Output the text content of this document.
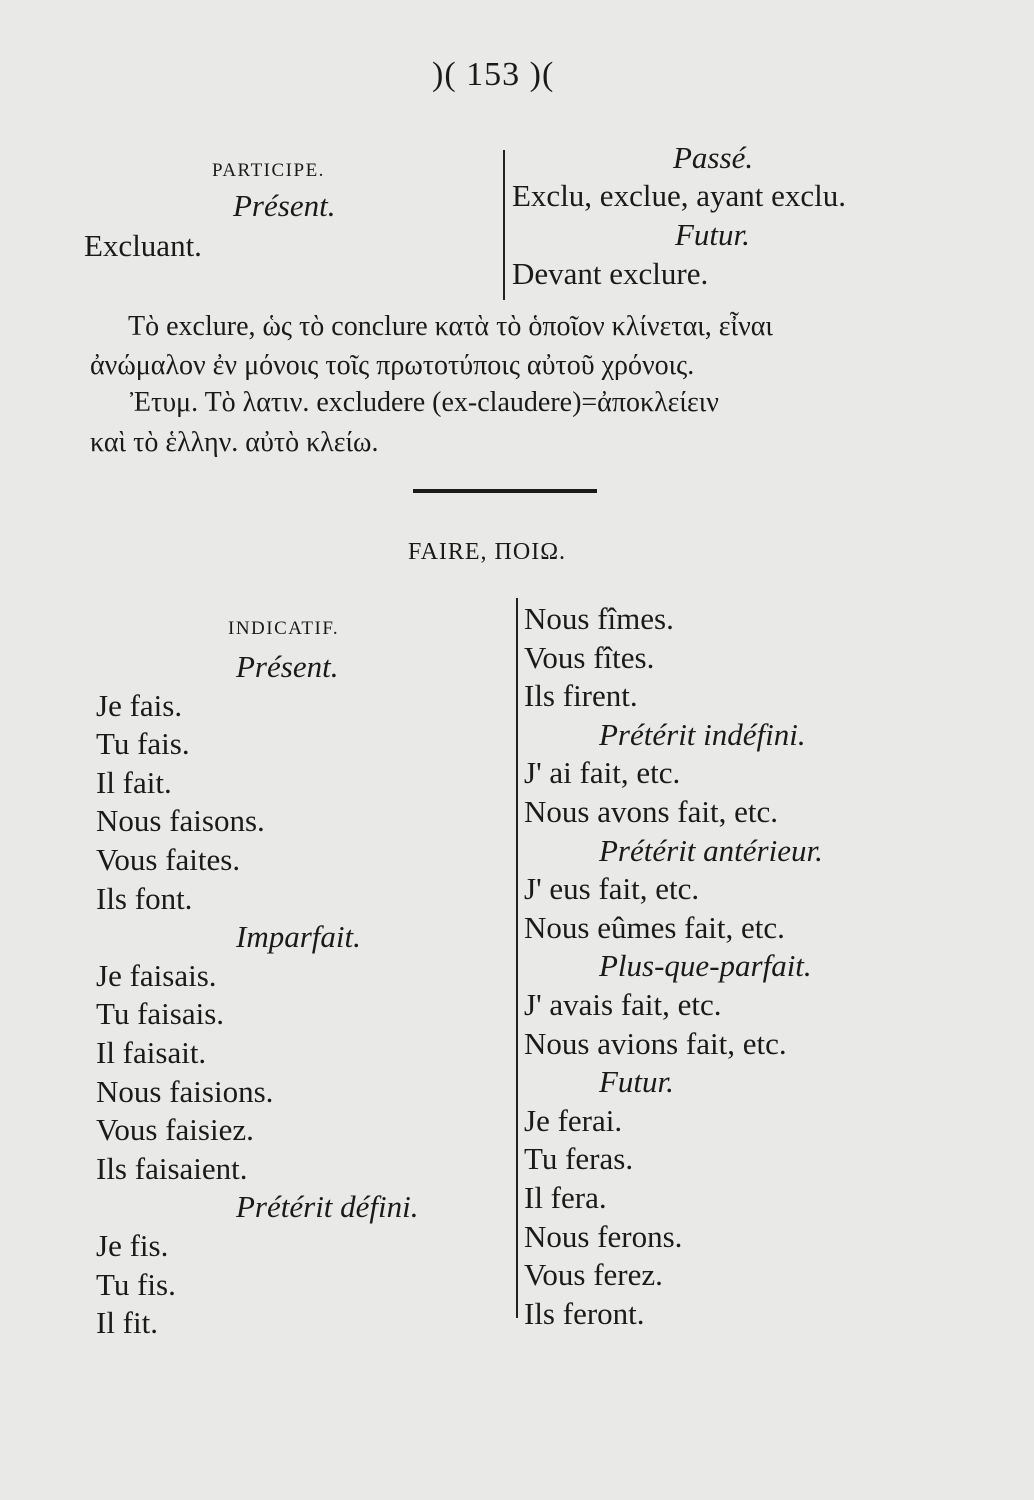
)( 153 )(
PARTICIPE.
Présent.
Excluant.
Passé.
Exclu, exclue, ayant exclu.
Futur.
Devant exclure.
Τὸ exclure, ὡς τὸ conclure κατὰ τὸ ὁποῖον κλίνεται, εἶναι
ἀνώμαλον ἐν μόνοις τοῖς πρωτοτύποις αὐτοῦ χρόνοις.
Ἐτυμ. Τὸ λατιν. excludere (ex-claudere)=ἀποκλείειν
καὶ τὸ ἑλλην. αὐτὸ κλείω.
FAIRE, ΠΟΙΩ.
INDICATIF.
Présent.
Je fais.
Tu fais.
Il fait.
Nous faisons.
Vous faites.
Ils font.
Imparfait.
Je faisais.
Tu faisais.
Il faisait.
Nous faisions.
Vous faisiez.
Ils faisaient.
Prétérit défini.
Je fis.
Tu fis.
Il fit.
Nous fîmes.
Vous fîtes.
Ils firent.
Prétérit indéfini.
J' ai fait, etc.
Nous avons fait, etc.
Prétérit antérieur.
J' eus fait, etc.
Nous eûmes fait, etc.
Plus-que-parfait.
J' avais fait, etc.
Nous avions fait, etc.
Futur.
Je ferai.
Tu feras.
Il fera.
Nous ferons.
Vous ferez.
Ils feront.
